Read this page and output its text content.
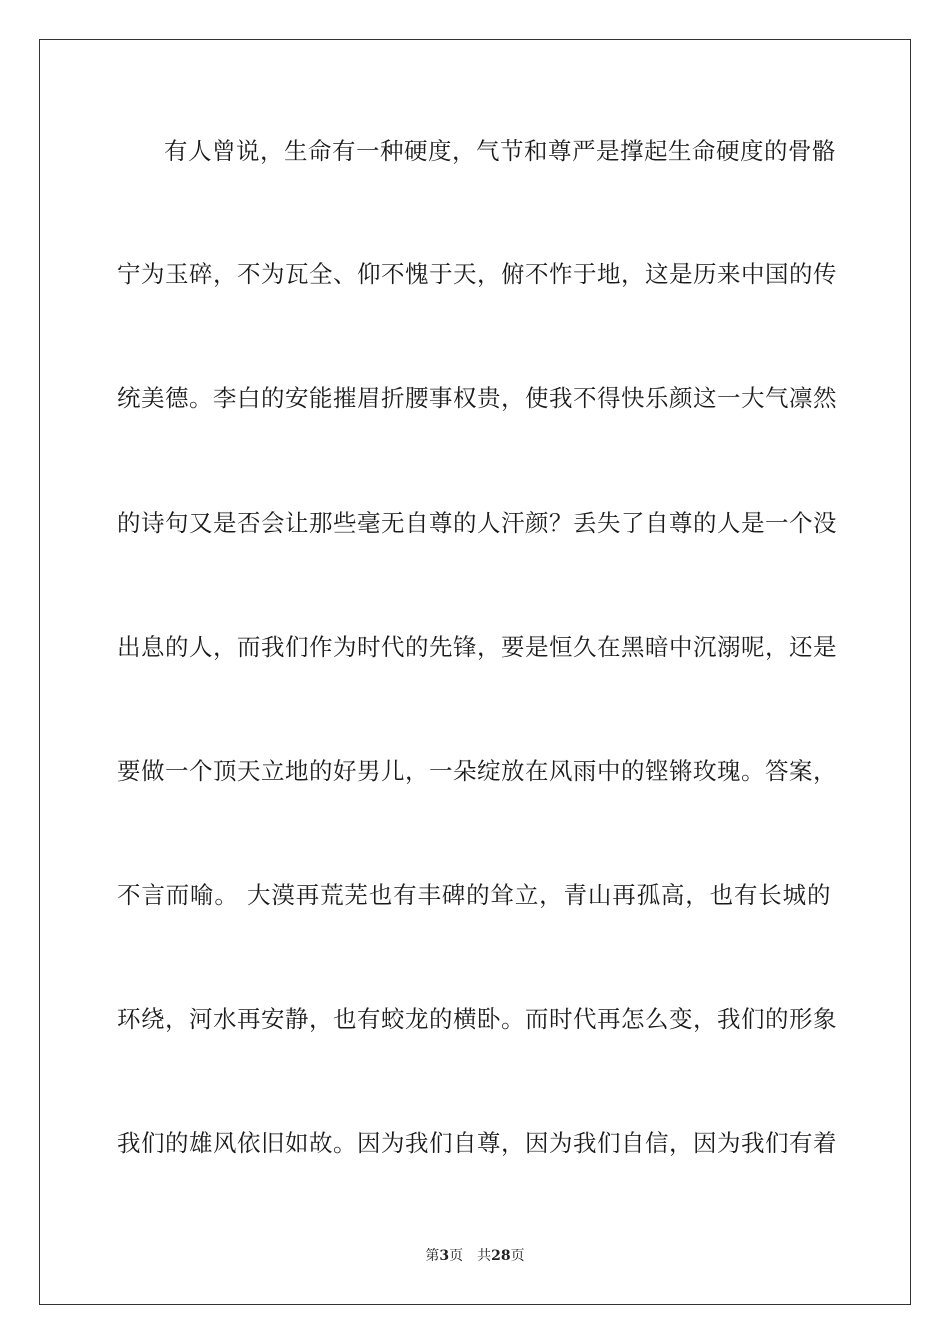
有人曾说，生命有一种硬度，气节和尊严是撑起生命硬度的骨骼
宁为玉碎，不为瓦全、仰不愧于天，俯不怍于地，这是历来中国的传
统美德。李白的安能摧眉折腰事权贵，使我不得快乐颜这一大气凛然
的诗句又是否会让那些毫无自尊的人汗颜？丢失了自尊的人是一个没
出息的人，而我们作为时代的先锋，要是恒久在黑暗中沉溺呢，还是
要做一个顶天立地的好男儿，一朵绽放在风雨中的铿锵玫瑰。答案，
不言而喻。 大漠再荒芜也有丰碑的耸立，青山再孤高，也有长城的
环绕，河水再安静，也有蛟龙的横卧。而时代再怎么变，我们的形象
我们的雄风依旧如故。因为我们自尊，因为我们自信，因为我们有着
第3页 共28页
